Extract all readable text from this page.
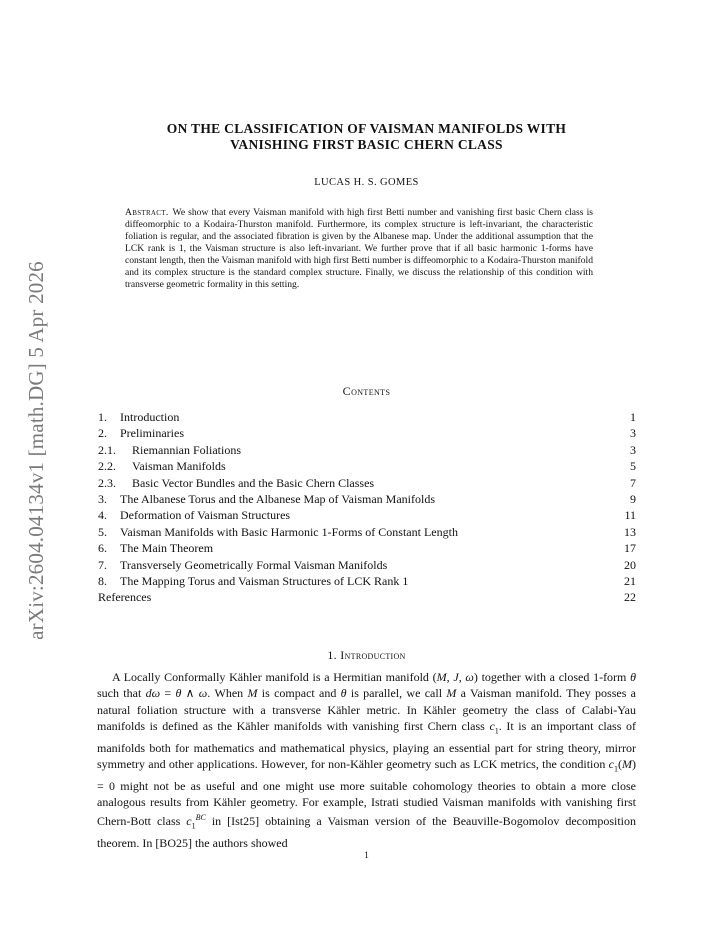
arXiv:2604.04134v1 [math.DG] 5 Apr 2026
ON THE CLASSIFICATION OF VAISMAN MANIFOLDS WITH
VANISHING FIRST BASIC CHERN CLASS
LUCAS H. S. GOMES
Abstract. We show that every Vaisman manifold with high first Betti number and vanishing first basic Chern class is diffeomorphic to a Kodaira-Thurston manifold. Furthermore, its complex structure is left-invariant, the characteristic foliation is regular, and the associated fibration is given by the Albanese map. Under the additional assumption that the LCK rank is 1, the Vaisman structure is also left-invariant. We further prove that if all basic harmonic 1-forms have constant length, then the Vaisman manifold with high first Betti number is diffeomorphic to a Kodaira-Thurston manifold and its complex structure is the standard complex structure. Finally, we discuss the relationship of this condition with transverse geometric formality in this setting.
Contents
1. Introduction	1
2. Preliminaries	3
2.1. Riemannian Foliations	3
2.2. Vaisman Manifolds	5
2.3. Basic Vector Bundles and the Basic Chern Classes	7
3. The Albanese Torus and the Albanese Map of Vaisman Manifolds	9
4. Deformation of Vaisman Structures	11
5. Vaisman Manifolds with Basic Harmonic 1-Forms of Constant Length	13
6. The Main Theorem	17
7. Transversely Geometrically Formal Vaisman Manifolds	20
8. The Mapping Torus and Vaisman Structures of LCK Rank 1	21
References	22
1. Introduction

A Locally Conformally Kähler manifold is a Hermitian manifold (M, J, ω) together with a closed 1-form θ such that dω = θ ∧ ω. When M is compact and θ is parallel, we call M a Vaisman manifold. They posses a natural foliation structure with a transverse Kähler metric. In Kähler geometry the class of Calabi-Yau manifolds is defined as the Kähler manifolds with vanishing first Chern class $c_1$. It is an important class of manifolds both for mathematics and mathematical physics, playing an essential part for string theory, mirror symmetry and other applications. However, for non-Kähler geometry such as LCK metrics, the condition $c_1(M) = 0$ might not be as useful and one might use more suitable cohomology theories to obtain a more close analogous results from Kähler geometry. For example, Istrati studied Vaisman manifolds with vanishing first Chern-Bott class $c_1^{BC}$ in [Ist25] obtaining a Vaisman version of the Beauville-Bogomolov decomposition theorem. In [BO25] the authors showed

1
